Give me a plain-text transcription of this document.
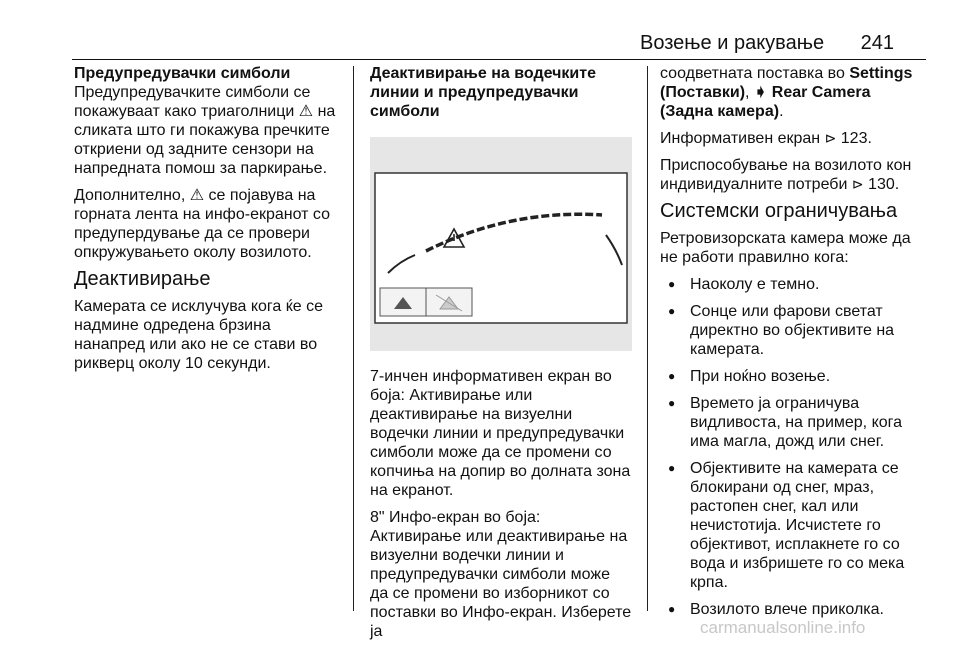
Возење и ракување 241
Предупредувачки симболи

Предупредувачките симболи се покажуваат како триаголници ⚠ на сликата што ги покажува пречките откриени од задните сензори на напредната помош за паркирање.

Дополнително, ⚠ се појавува на горната лента на инфо-екранот со предупердување да се провери опкружувањето околу возилото.

Деактивирање

Камерата се исклучува кога ќе се надмине одредена брзина нанапред или ако не се стави во рикверц околу 10 секунди.

Деактивирање на водечките линии и предупредувачки симболи

7-инчен информативен екран во боја: Активирање или деактивирање на визуелни водечки линии и предупредувачки симболи може да се промени со копчиња на допир во долната зона на екранот.

8" Инфо-екран во боја: Активирање или деактивирање на визуелни водечки линии и предупредувачки симболи може да се промени во изборникот со поставки во Инфо-екран. Изберете ја

соодветната поставка во Settings (Поставки), ➧ Rear Camera (Задна камера).

Информативен екран ⊳ 123.

Приспособување на возилото кон индивидуалните потреби ⊳ 130.

Системски ограничувања

Ретровизорската камера може да не работи правилно кога:

● Наоколу е темно.
● Сонце или фарови светат директно во објективите на камерата.
● При ноќно возење.
● Времето ја ограничува видливоста, на пример, кога има магла, дожд или снег.
● Објективите на камерата се блокирани од снег, мраз, растопен снег, кал или нечистотија. Исчистете го објективот, исплакнете го со вода и избришете го со мека крпа.
● Возилото влече приколка.
carmanualsonline.info
